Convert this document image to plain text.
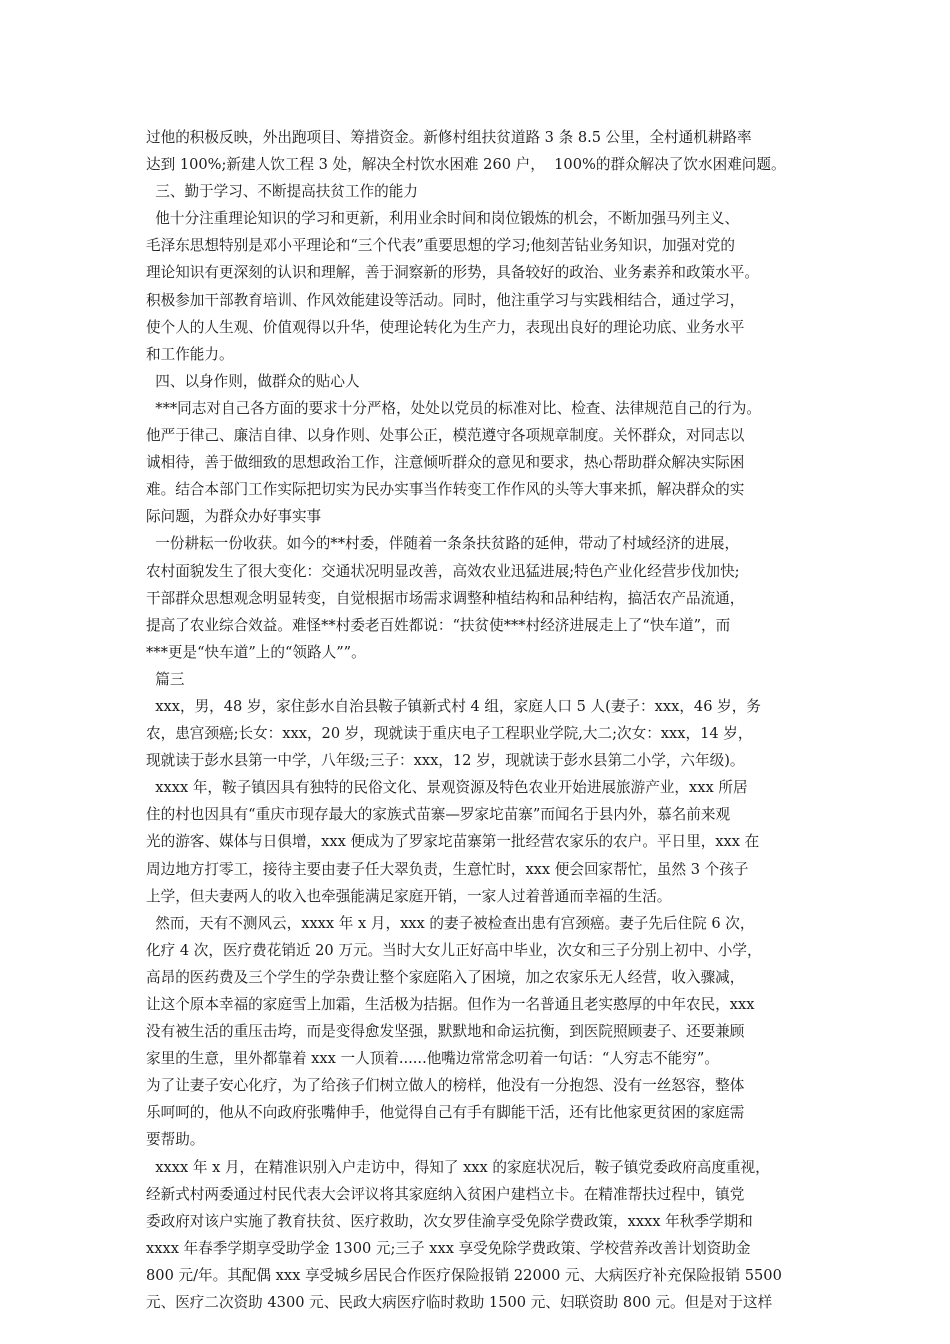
过他的积极反映，外出跑项目、筹措资金。新修村组扶贫道路 3 条 8.5 公里，全村通机耕路率
达到 100%;新建人饮工程 3 处，解决全村饮水困难 260 户，  100%的群众解决了饮水困难问题。
三、勤于学习、不断提高扶贫工作的能力
他十分注重理论知识的学习和更新，利用业余时间和岗位锻炼的机会，不断加强马列主义、
毛泽东思想特别是邓小平理论和“三个代表”重要思想的学习;他刻苦钻业务知识，加强对党的
理论知识有更深刻的认识和理解，善于洞察新的形势，具备较好的政治、业务素养和政策水平。
积极参加干部教育培训、作风效能建设等活动。同时，他注重学习与实践相结合，通过学习，
使个人的人生观、价值观得以升华，使理论转化为生产力，表现出良好的理论功底、业务水平
和工作能力。
四、以身作则，做群众的贴心人
***同志对自己各方面的要求十分严格，处处以党员的标准对比、检查、法律规范自己的行为。
他严于律己、廉洁自律、以身作则、处事公正，模范遵守各项规章制度。关怀群众，对同志以
诚相待，善于做细致的思想政治工作，注意倾听群众的意见和要求，热心帮助群众解决实际困
难。结合本部门工作实际把切实为民办实事当作转变工作作风的头等大事来抓，解决群众的实
际问题，为群众办好事实事
一份耕耘一份收获。如今的**村委，伴随着一条条扶贫路的延伸，带动了村域经济的进展，
农村面貌发生了很大变化：交通状况明显改善，高效农业迅猛进展;特色产业化经营步伐加快;
干部群众思想观念明显转变，自觉根据市场需求调整种植结构和品种结构，搞活农产品流通，
提高了农业综合效益。难怪**村委老百姓都说：“扶贫使***村经济进展走上了“快车道”，而
***更是“快车道”上的“领路人””。
篇三
xxx，男，48 岁，家住彭水自治县鞍子镇新式村 4 组，家庭人口 5 人(妻子：xxx，46 岁，务
农，患宫颈癌;长女：xxx，20 岁，现就读于重庆电子工程职业学院,大二;次女：xxx，14 岁，
现就读于彭水县第一中学，八年级;三子：xxx，12 岁，现就读于彭水县第二小学，六年级)。
xxxx 年，鞍子镇因具有独特的民俗文化、景观资源及特色农业开始进展旅游产业，xxx 所居
住的村也因具有“重庆市现存最大的家族式苗寨—罗家坨苗寨”而闻名于县内外，慕名前来观
光的游客、媒体与日俱增，xxx 便成为了罗家坨苗寨第一批经营农家乐的农户。平日里，xxx 在
周边地方打零工，接待主要由妻子任大翠负责，生意忙时，xxx 便会回家帮忙，虽然 3 个孩子
上学，但夫妻两人的收入也牵强能满足家庭开销，一家人过着普通而幸福的生活。
然而，天有不测风云，xxxx 年 x 月，xxx 的妻子被检查出患有宫颈癌。妻子先后住院 6 次，
化疗 4 次，医疗费花销近 20 万元。当时大女儿正好高中毕业，次女和三子分别上初中、小学，
高昂的医药费及三个学生的学杂费让整个家庭陷入了困境，加之农家乐无人经营，收入骤减，
让这个原本幸福的家庭雪上加霜，生活极为拮据。但作为一名普通且老实憨厚的中年农民，xxx
没有被生活的重压击垮，而是变得愈发坚强，默默地和命运抗衡，到医院照顾妻子、还要兼顾
家里的生意，里外都靠着 xxx 一人顶着......他嘴边常常念叨着一句话：“人穷志不能穷”。
为了让妻子安心化疗，为了给孩子们树立做人的榜样，他没有一分抱怨、没有一丝怒容，整体
乐呵呵的，他从不向政府张嘴伸手，他觉得自己有手有脚能干活，还有比他家更贫困的家庭需
要帮助。
xxxx 年 x 月，在精准识别入户走访中，得知了 xxx 的家庭状况后，鞍子镇党委政府高度重视，
经新式村两委通过村民代表大会评议将其家庭纳入贫困户建档立卡。在精准帮扶过程中，镇党
委政府对该户实施了教育扶贫、医疗救助，次女罗佳渝享受免除学费政策，xxxx 年秋季学期和
xxxx 年春季学期享受助学金 1300 元;三子 xxx 享受免除学费政策、学校营养改善计划资助金
800 元/年。其配偶 xxx 享受城乡居民合作医疗保险报销 22000 元、大病医疗补充保险报销 5500
元、医疗二次资助 4300 元、民政大病医疗临时救助 1500 元、妇联资助 800 元。但是对于这样
